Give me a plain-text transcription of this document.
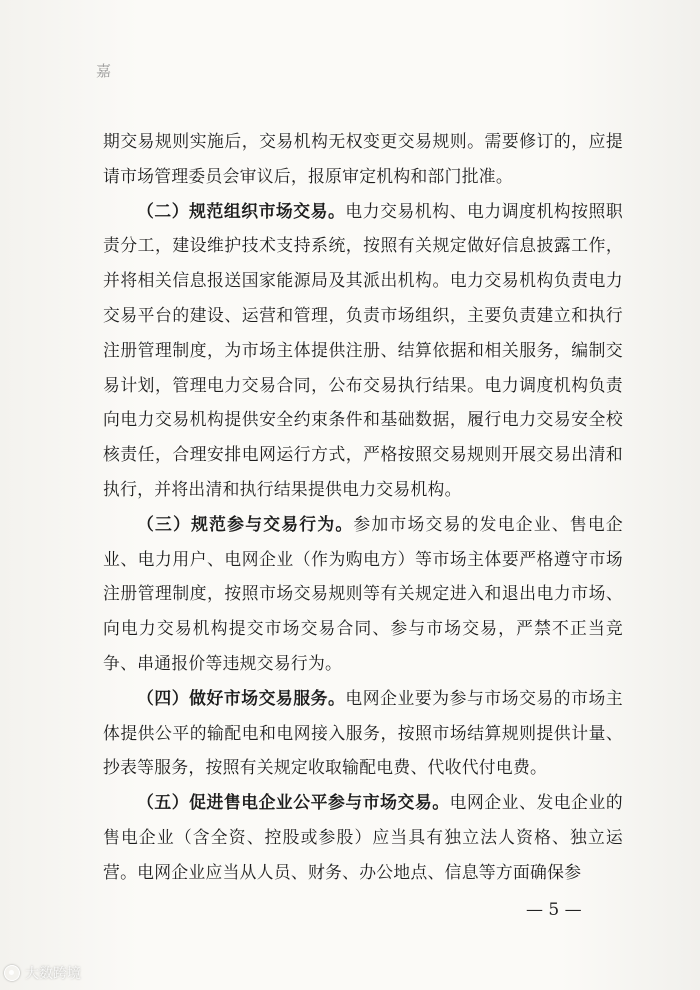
嘉

期交易规则实施后，交易机构无权变更交易规则。需要修订的，应提请市场管理委员会审议后，报原审定机构和部门批准。

（二）规范组织市场交易。电力交易机构、电力调度机构按照职责分工，建设维护技术支持系统，按照有关规定做好信息披露工作，并将相关信息报送国家能源局及其派出机构。电力交易机构负责电力交易平台的建设、运营和管理，负责市场组织，主要负责建立和执行注册管理制度，为市场主体提供注册、结算依据和相关服务，编制交易计划，管理电力交易合同，公布交易执行结果。电力调度机构负责向电力交易机构提供安全约束条件和基础数据，履行电力交易安全校核责任，合理安排电网运行方式，严格按照交易规则开展交易出清和执行，并将出清和执行结果提供电力交易机构。

（三）规范参与交易行为。参加市场交易的发电企业、售电企业、电力用户、电网企业（作为购电方）等市场主体要严格遵守市场注册管理制度，按照市场交易规则等有关规定进入和退出电力市场、向电力交易机构提交市场交易合同、参与市场交易，严禁不正当竞争、串通报价等违规交易行为。

（四）做好市场交易服务。电网企业要为参与市场交易的市场主体提供公平的输配电和电网接入服务，按照市场结算规则提供计量、抄表等服务，按照有关规定收取输配电费、代收代付电费。

（五）促进售电企业公平参与市场交易。电网企业、发电企业的售电企业（含全资、控股或参股）应当具有独立法人资格、独立运营。电网企业应当从人员、财务、办公地点、信息等方面确保参

— 5 —
大数跨境
